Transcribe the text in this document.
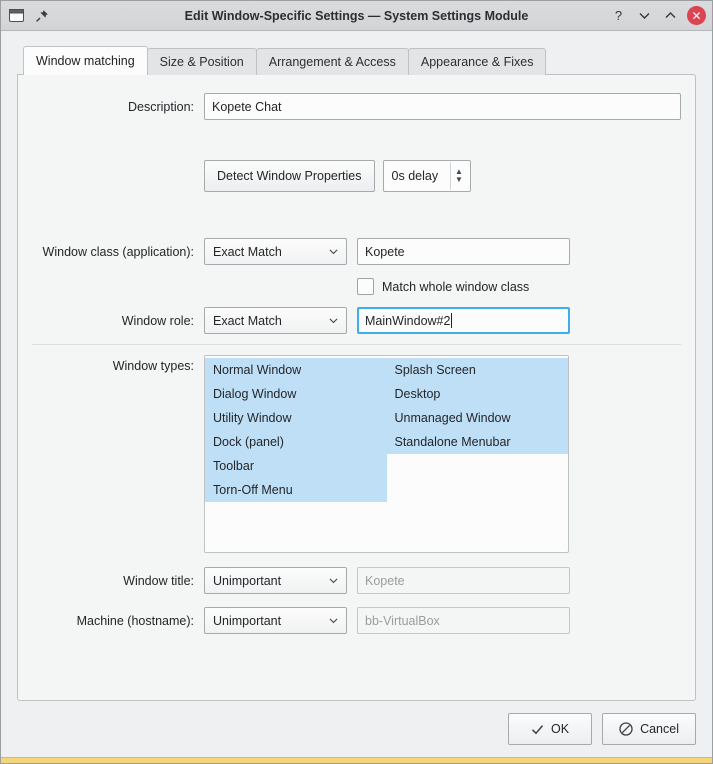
Edit Window-Specific Settings — System Settings Module	?	✕
Window matching	Size & Position	Arrangement & Access	Appearance & Fixes
Description:	Kopete Chat
Detect Window Properties	0s delay ▲
▼
Window class (application):	Exact Match	Kopete
Match whole window class
Window role:	Exact Match	MainWindow#2
Window types:	Normal Window
Dialog Window
Utility Window
Dock (panel)
Toolbar
Torn-Off Menu
Splash Screen
Desktop
Unmanaged Window
Standalone Menubar
Window title:	Unimportant	Kopete
Machine (hostname):	Unimportant	bb-VirtualBox
OK	Cancel
